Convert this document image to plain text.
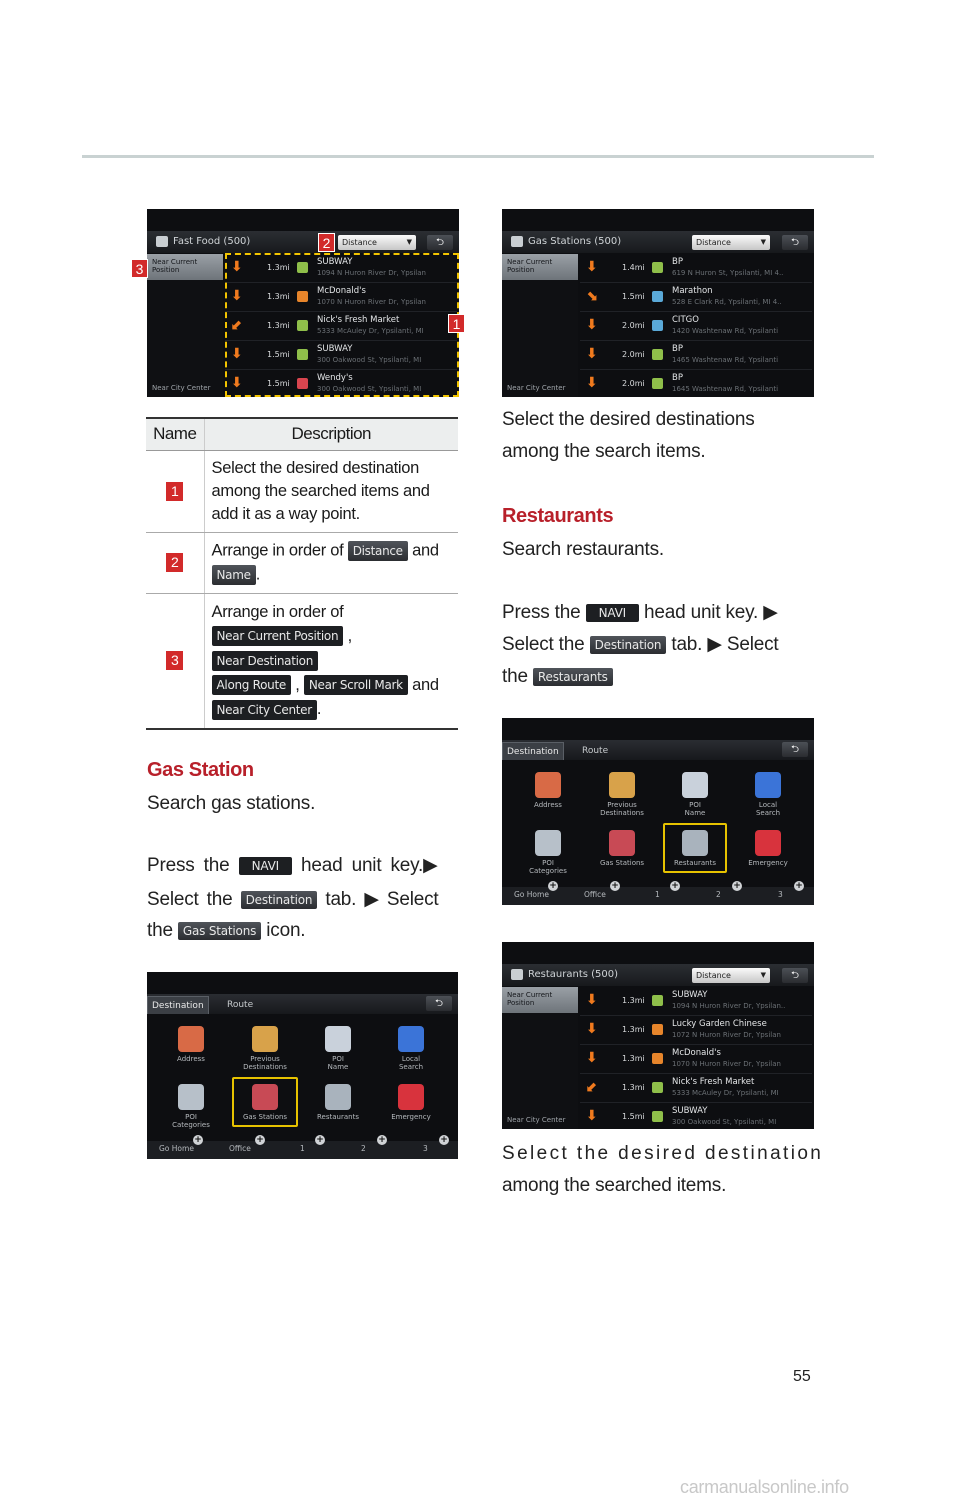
Fast Food (500)	Distance	▼	⮌
Near Current Position
Near City Center
⬇	1.3mi
SUBWAY
1094 N Huron River Dr, Ypsilan
⬇	1.3mi
McDonald's
1070 N Huron River Dr, Ypsilan
⬋	1.3mi
Nick's Fresh Market
5333 McAuley Dr, Ypsilanti, MI
⬇	1.5mi
SUBWAY
300 Oakwood St, Ypsilanti, MI
⬇	1.5mi
Wendy's
300 Oakwood St, Ypsilanti, MI
1
2
3
Name	Description
1	Select the desired destination among the searched items and add it as a way point.
2	Arrange in order of Distance and Name .
3	Arrange in order of
Near Current Position ,
Near Destination
Along Route , Near Scroll Mark and
Near City Center .
Gas Station
Search gas stations.
Press the NAVI head unit key.▶
Select the Destination tab. ▶ Select
the Gas Stations icon.
Destination	Route	⮌
Address	Previous
Destinations
POI
Name
Local
Search
POI
Categories
Gas Stations	Restaurants	Emergency
Go Home
+
Office
+
1
+
2
+
3
+
Gas Stations (500)	Distance	▼	⮌
Near Current Position
Near City Center
⬇	1.4mi
BP
619 N Huron St, Ypsilanti, MI 4..
⬊	1.5mi
Marathon
528 E Clark Rd, Ypsilanti, MI 4..
⬇	2.0mi
CITGO
1420 Washtenaw Rd, Ypsilanti
⬇	2.0mi
BP
1465 Washtenaw Rd, Ypsilanti
⬇	2.0mi
BP
1645 Washtenaw Rd, Ypsilanti
Select the desired destinations
among the search items.
Restaurants
Search restaurants.
Press the NAVI head unit key. ▶
Select the Destination tab. ▶ Select
the Restaurants
Destination	Route	⮌
Address	Previous
Destinations
POI
Name
Local
Search
POI
Categories
Gas Stations	Restaurants	Emergency
Go Home
+
Office
+
1
+
2
+
3
+
Restaurants (500)	Distance	▼	⮌
Near Current Position
Near City Center
⬇	1.3mi
SUBWAY
1094 N Huron River Dr, Ypsilan..
⬇	1.3mi
Lucky Garden Chinese
1072 N Huron River Dr, Ypsilan
⬇	1.3mi
McDonald's
1070 N Huron River Dr, Ypsilan
⬋	1.3mi
Nick's Fresh Market
5333 McAuley Dr, Ypsilanti, MI
⬇	1.5mi
SUBWAY
300 Oakwood St, Ypsilanti, MI
Select the desired destination
among the searched items.
55
carmanualsonline.info
